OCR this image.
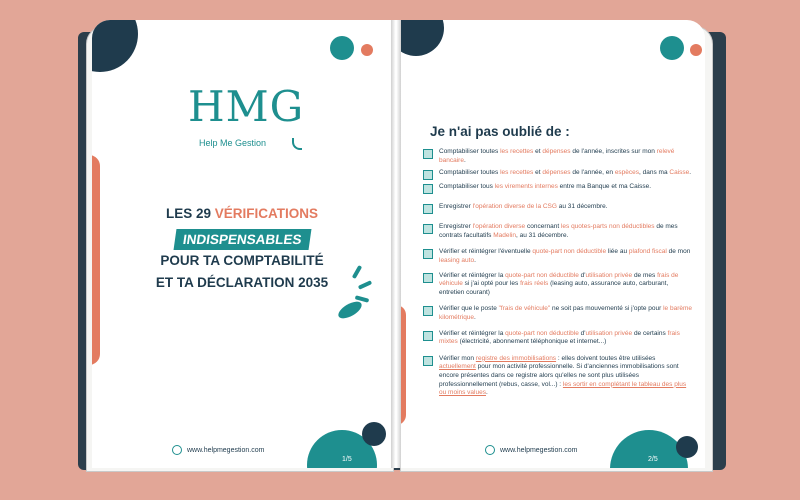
HMG
Help Me Gestion
LES 29 VÉRIFICATIONS
INDISPENSABLES
POUR TA COMPTABILITÉ
ET TA DÉCLARATION 2035
www.helpmegestion.com
1/5
Je n'ai pas oublié de :
Comptabiliser toutes les recettes et dépenses de l'année, inscrites sur mon relevé bancaire.
Comptabiliser toutes les recettes et dépenses de l'année, en espèces, dans ma Caisse.
Comptabiliser tous les virements internes entre ma Banque et ma Caisse.
Enregistrer l'opération diverse de la CSG au 31 décembre.
Enregistrer l'opération diverse concernant les quotes-parts non déductibles de mes contrats facultatifs Madelin, au 31 décembre.
Vérifier et réintégrer l'éventuelle quote-part non déductible liée au plafond fiscal de mon leasing auto.
Vérifier et réintégrer la quote-part non déductible d'utilisation privée de mes frais de véhicule si j'ai opté pour les frais réels (leasing auto, assurance auto, carburant, entretien courant)
Vérifier que le poste "frais de véhicule" ne soit pas mouvementé si j'opte pour le barème kilométrique.
Vérifier et réintégrer la quote-part non déductible d'utilisation privée de certains frais mixtes (électricité, abonnement téléphonique et internet...)
Vérifier mon registre des immobilisations : elles doivent toutes être utilisées actuellement pour mon activité professionnelle. Si d'anciennes immobilisations sont encore présentes dans ce registre alors qu'elles ne sont plus utilisées professionnellement (rebus, casse, vol...) : les sortir en complétant le tableau des plus ou moins values.
www.helpmegestion.com
2/5
